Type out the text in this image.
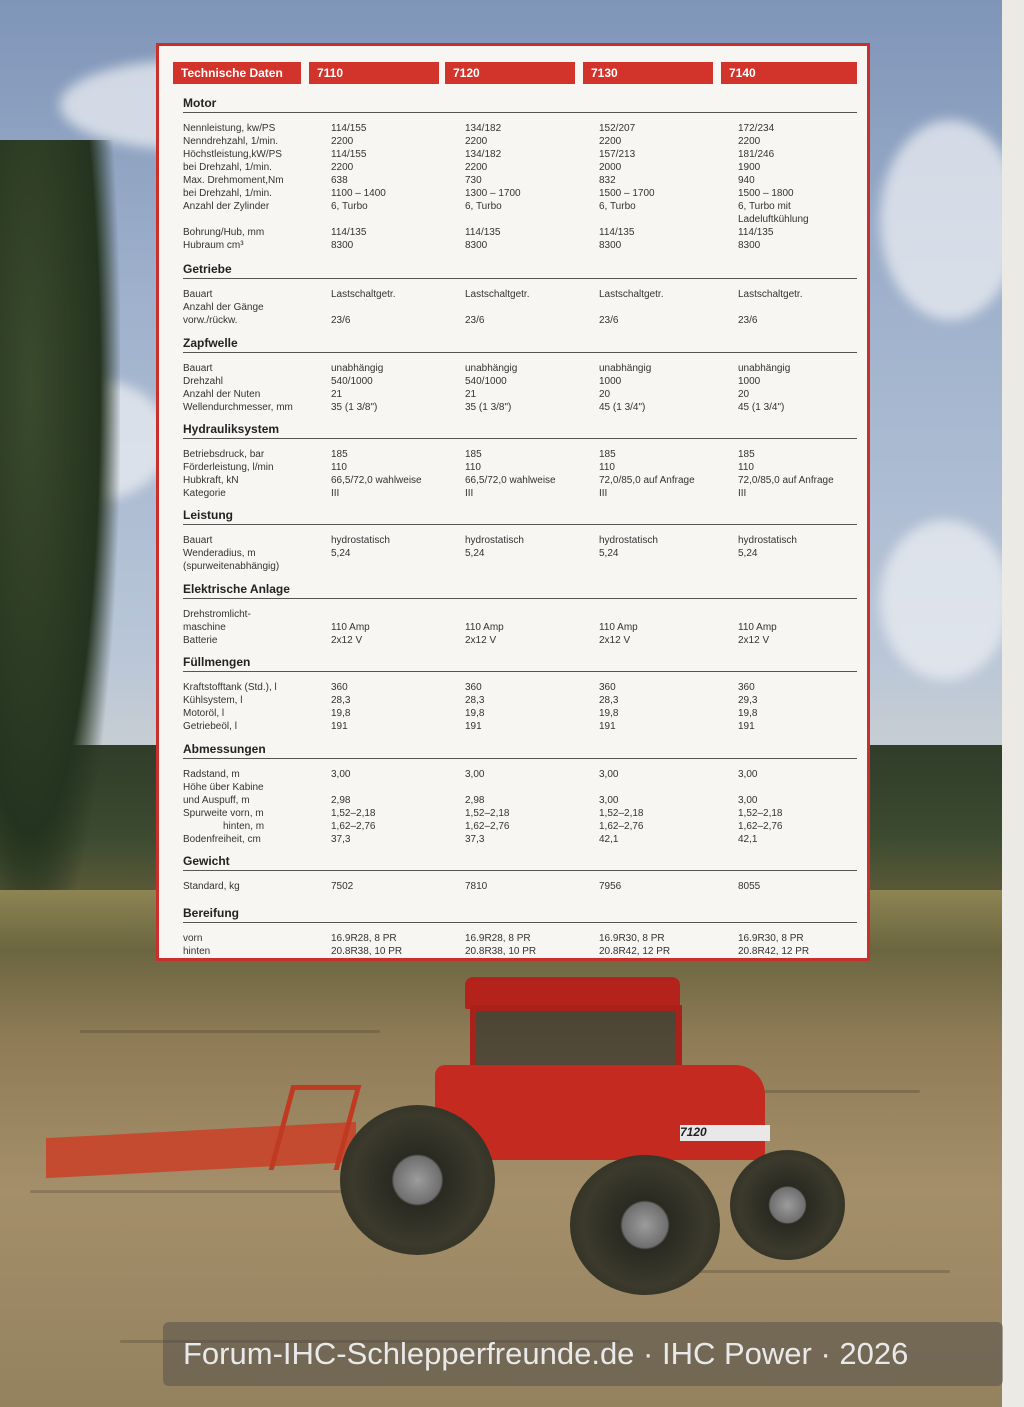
7120
Technische Daten	7110	7120	7130	7140
Motor
Nennleistung, kw/PS	114/155	134/182	152/207	172/234
Nenndrehzahl, 1/min.	2200	2200	2200	2200
Höchstleistung,kW/PS	114/155	134/182	157/213	181/246
bei Drehzahl, 1/min.	2200	2200	2000	1900
Max. Drehmoment,Nm	638	730	832	940
bei Drehzahl, 1/min.	1100 – 1400	1300 – 1700	1500 – 1700	1500 – 1800
Anzahl der Zylinder	6, Turbo	6, Turbo	6, Turbo	6, Turbo mit
Ladeluftkühlung
Bohrung/Hub, mm	114/135	114/135	114/135	114/135
Hubraum cm³	8300	8300	8300	8300
Getriebe
Bauart	Lastschaltgetr.	Lastschaltgetr.	Lastschaltgetr.	Lastschaltgetr.
Anzahl der Gänge
vorw./rückw.	23/6	23/6	23/6	23/6
Zapfwelle
Bauart	unabhängig	unabhängig	unabhängig	unabhängig
Drehzahl	540/1000	540/1000	1000	1000
Anzahl der Nuten	21	21	20	20
Wellendurchmesser, mm	35 (1 3/8")	35 (1 3/8")	45 (1 3/4")	45 (1 3/4")
Hydrauliksystem
Betriebsdruck, bar	185	185	185	185
Förderleistung, l/min	110	110	110	110
Hubkraft, kN	66,5/72,0 wahlweise	66,5/72,0 wahlweise	72,0/85,0 auf Anfrage	72,0/85,0 auf Anfrage
Kategorie	III	III	III	III
Leistung
Bauart	hydrostatisch	hydrostatisch	hydrostatisch	hydrostatisch
Wenderadius, m	5,24	5,24	5,24	5,24
(spurweitenabhängig)
Elektrische Anlage
Drehstromlicht-
maschine	110 Amp	110 Amp	110 Amp	110 Amp
Batterie	2x12 V	2x12 V	2x12 V	2x12 V
Füllmengen
Kraftstofftank (Std.), l	360	360	360	360
Kühlsystem, l	28,3	28,3	28,3	29,3
Motoröl, l	19,8	19,8	19,8	19,8
Getriebeöl, l	191	191	191	191
Abmessungen
Radstand, m	3,00	3,00	3,00	3,00
Höhe über Kabine
und Auspuff, m	2,98	2,98	3,00	3,00
Spurweite vorn, m	1,52–2,18	1,52–2,18	1,52–2,18	1,52–2,18
hinten, m	1,62–2,76	1,62–2,76	1,62–2,76	1,62–2,76
Bodenfreiheit, cm	37,3	37,3	42,1	42,1
Gewicht
Standard, kg	7502	7810	7956	8055
Bereifung
vorn	16.9R28, 8 PR	16.9R28, 8 PR	16.9R30, 8 PR	16.9R30, 8 PR
hinten	20.8R38, 10 PR	20.8R38, 10 PR	20.8R42, 12 PR	20.8R42, 12 PR
Forum-IHC-Schlepperfreunde.de · IHC Power · 2026
